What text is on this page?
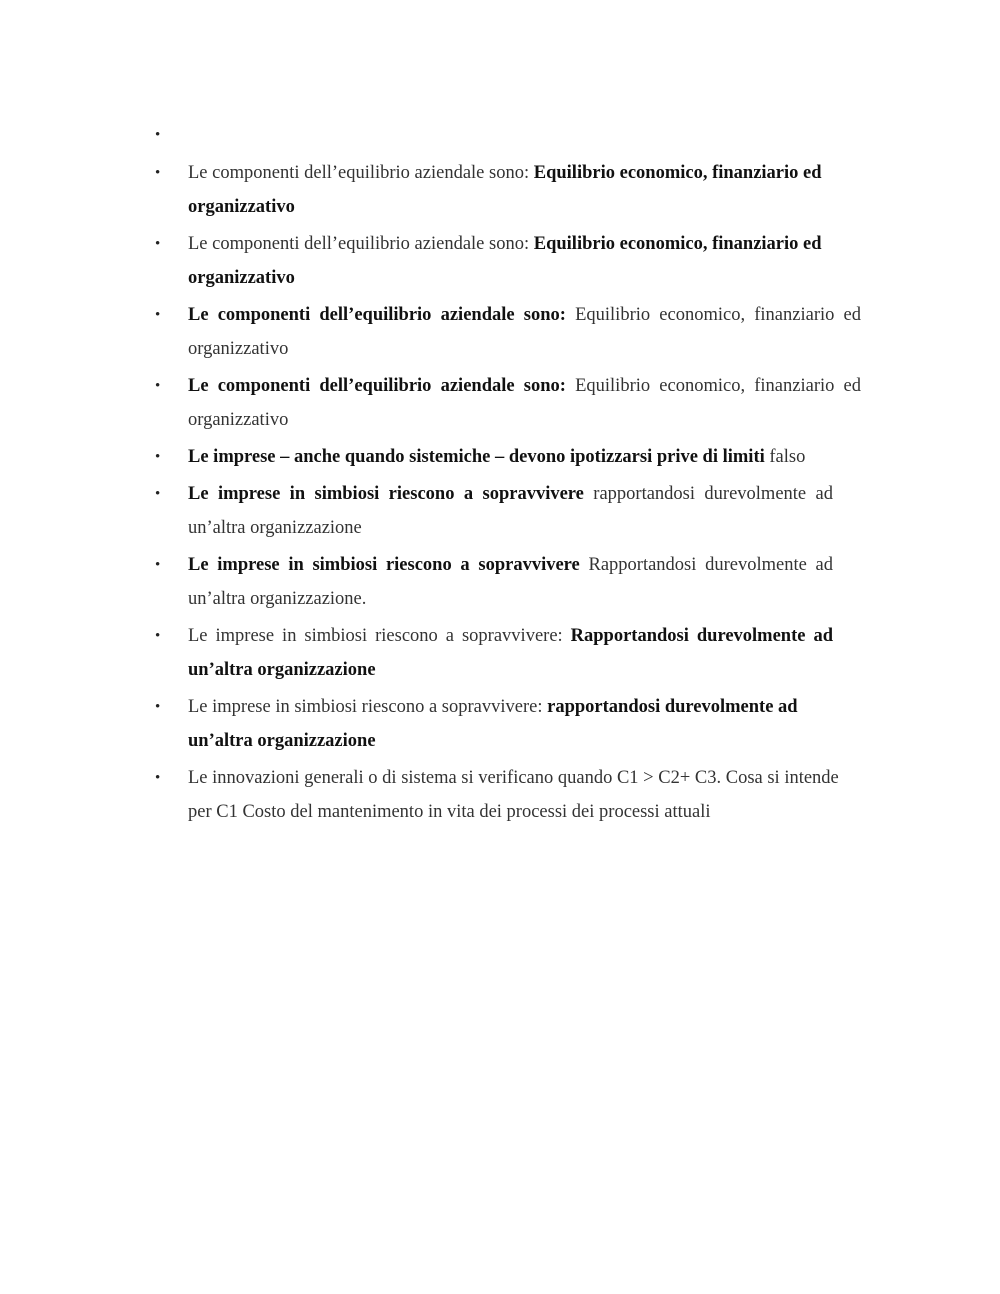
•
•	Le componenti dell’equilibrio aziendale sono: Equilibrio economico, finanziario ed organizzativo
•	Le componenti dell’equilibrio aziendale sono: Equilibrio economico, finanziario ed organizzativo
•	Le componenti dell’equilibrio aziendale sono: Equilibrio economico, finanziario ed organizzativo
•	Le componenti dell’equilibrio aziendale sono: Equilibrio economico, finanziario ed organizzativo
•	Le imprese – anche quando sistemiche – devono ipotizzarsi prive di limiti falso
•	Le imprese in simbiosi riescono a sopravvivere rapportandosi durevolmente ad un’altra organizzazione
•	Le imprese in simbiosi riescono a sopravvivere Rapportandosi durevolmente ad un’altra organizzazione.
•	Le imprese in simbiosi riescono a sopravvivere: Rapportandosi durevolmente ad un’altra organizzazione
•	Le imprese in simbiosi riescono a sopravvivere: rapportandosi durevolmente ad un’altra organizzazione
•	Le innovazioni generali o di sistema si verificano quando C1 > C2+ C3. Cosa si intende per C1 Costo del mantenimento in vita dei processi dei processi attuali
